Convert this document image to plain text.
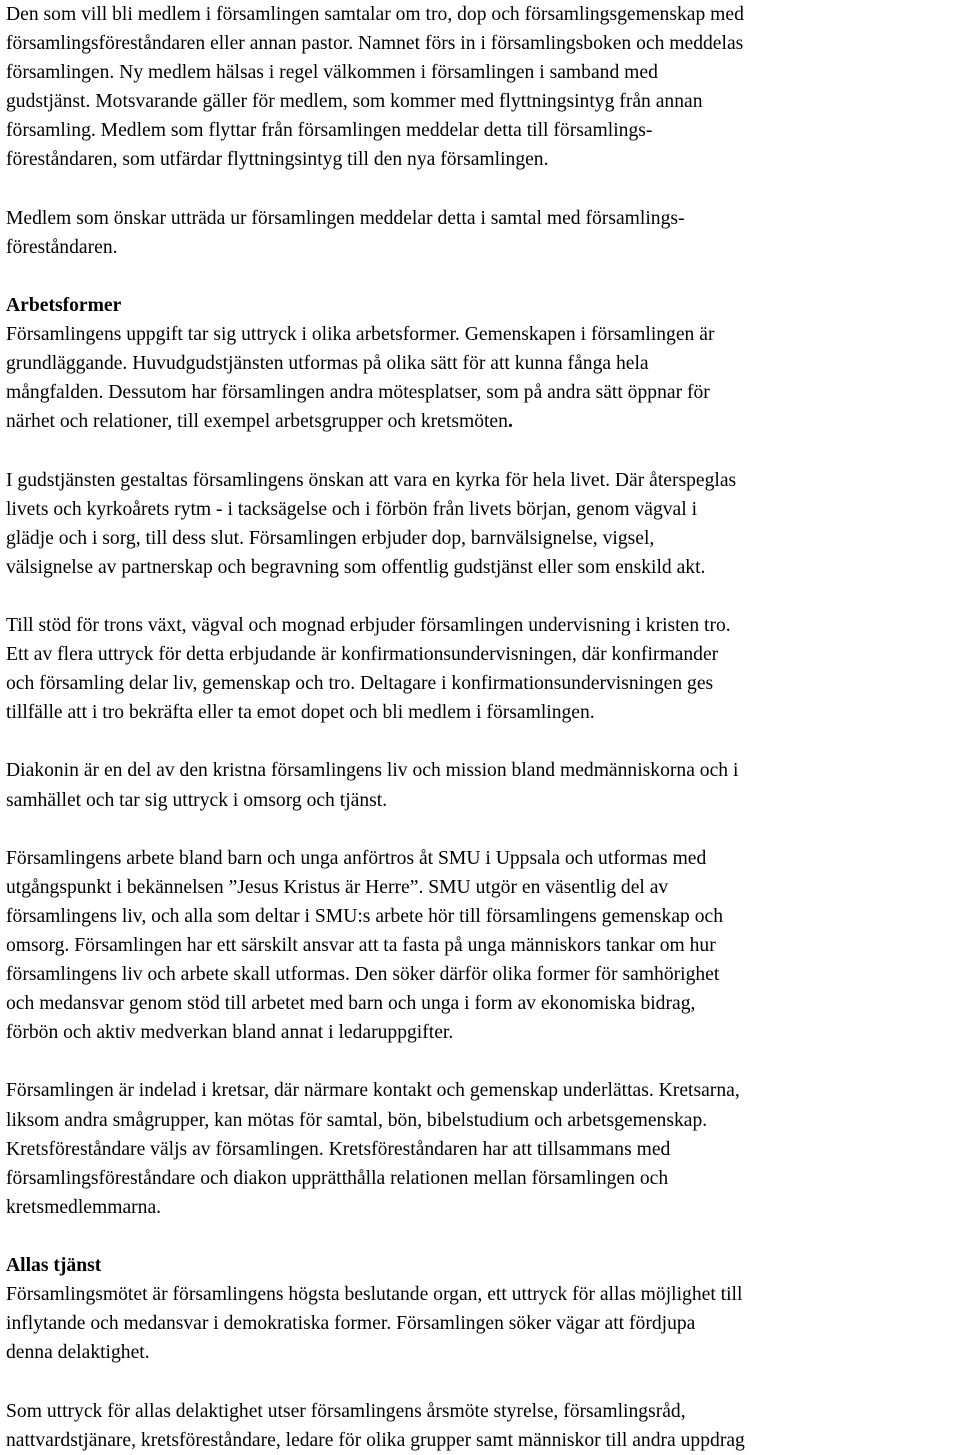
Den som vill bli medlem i församlingen samtalar om tro, dop och församlingsgemenskap med
församlingsföreståndaren eller annan pastor. Namnet förs in i församlingsboken och meddelas
församlingen. Ny medlem hälsas i regel välkommen i församlingen i samband med
gudstjänst. Motsvarande gäller för medlem, som kommer med flyttningsintyg från annan
församling. Medlem som flyttar från församlingen meddelar detta till församlings-
föreståndaren, som utfärdar flyttningsintyg till den nya församlingen.

Medlem som önskar utträda ur församlingen meddelar detta i samtal med församlings-
föreståndaren.

Arbetsformer

Församlingens uppgift tar sig uttryck i olika arbetsformer. Gemenskapen i församlingen är
grundläggande. Huvudgudstjänsten utformas på olika sätt för att kunna fånga hela
mångfalden. Dessutom har församlingen andra mötesplatser, som på andra sätt öppnar för
närhet och relationer, till exempel arbetsgrupper och kretsmöten.

I gudstjänsten gestaltas församlingens önskan att vara en kyrka för hela livet. Där återspeglas
livets och kyrkoårets rytm - i tacksägelse och i förbön från livets början, genom vägval i
glädje och i sorg, till dess slut. Församlingen erbjuder dop, barnvälsignelse, vigsel,
välsignelse av partnerskap och begravning som offentlig gudstjänst eller som enskild akt.

Till stöd för trons växt, vägval och mognad erbjuder församlingen undervisning i kristen tro.
Ett av flera uttryck för detta erbjudande är konfirmationsundervisningen, där konfirmander
och församling delar liv, gemenskap och tro. Deltagare i konfirmationsundervisningen ges
tillfälle att i tro bekräfta eller ta emot dopet och bli medlem i församlingen.

Diakonin är en del av den kristna församlingens liv och mission bland medmänniskorna och i
samhället och tar sig uttryck i omsorg och tjänst.

Församlingens arbete bland barn och unga anförtros åt SMU i Uppsala och utformas med
utgångspunkt i bekännelsen ”Jesus Kristus är Herre”. SMU utgör en väsentlig del av
församlingens liv, och alla som deltar i SMU:s arbete hör till församlingens gemenskap och
omsorg. Församlingen har ett särskilt ansvar att ta fasta på unga människors tankar om hur
församlingens liv och arbete skall utformas. Den söker därför olika former för samhörighet
och medansvar genom stöd till arbetet med barn och unga i form av ekonomiska bidrag,
förbön och aktiv medverkan bland annat i ledaruppgifter.

Församlingen är indelad i kretsar, där närmare kontakt och gemenskap underlättas. Kretsarna,
liksom andra smågrupper, kan mötas för samtal, bön, bibelstudium och arbetsgemenskap.
Kretsföreståndare väljs av församlingen. Kretsföreståndaren har att tillsammans med
församlingsföreståndare och diakon upprätthålla relationen mellan församlingen och
kretsmedlemmarna.

Allas tjänst

Församlingsmötet är församlingens högsta beslutande organ, ett uttryck för allas möjlighet till
inflytande och medansvar i demokratiska former. Församlingen söker vägar att fördjupa
denna delaktighet.

Som uttryck för allas delaktighet utser församlingens årsmöte styrelse, församlingsråd,
nattvardstjänare, kretsföreståndare, ledare för olika grupper samt människor till andra uppdrag
